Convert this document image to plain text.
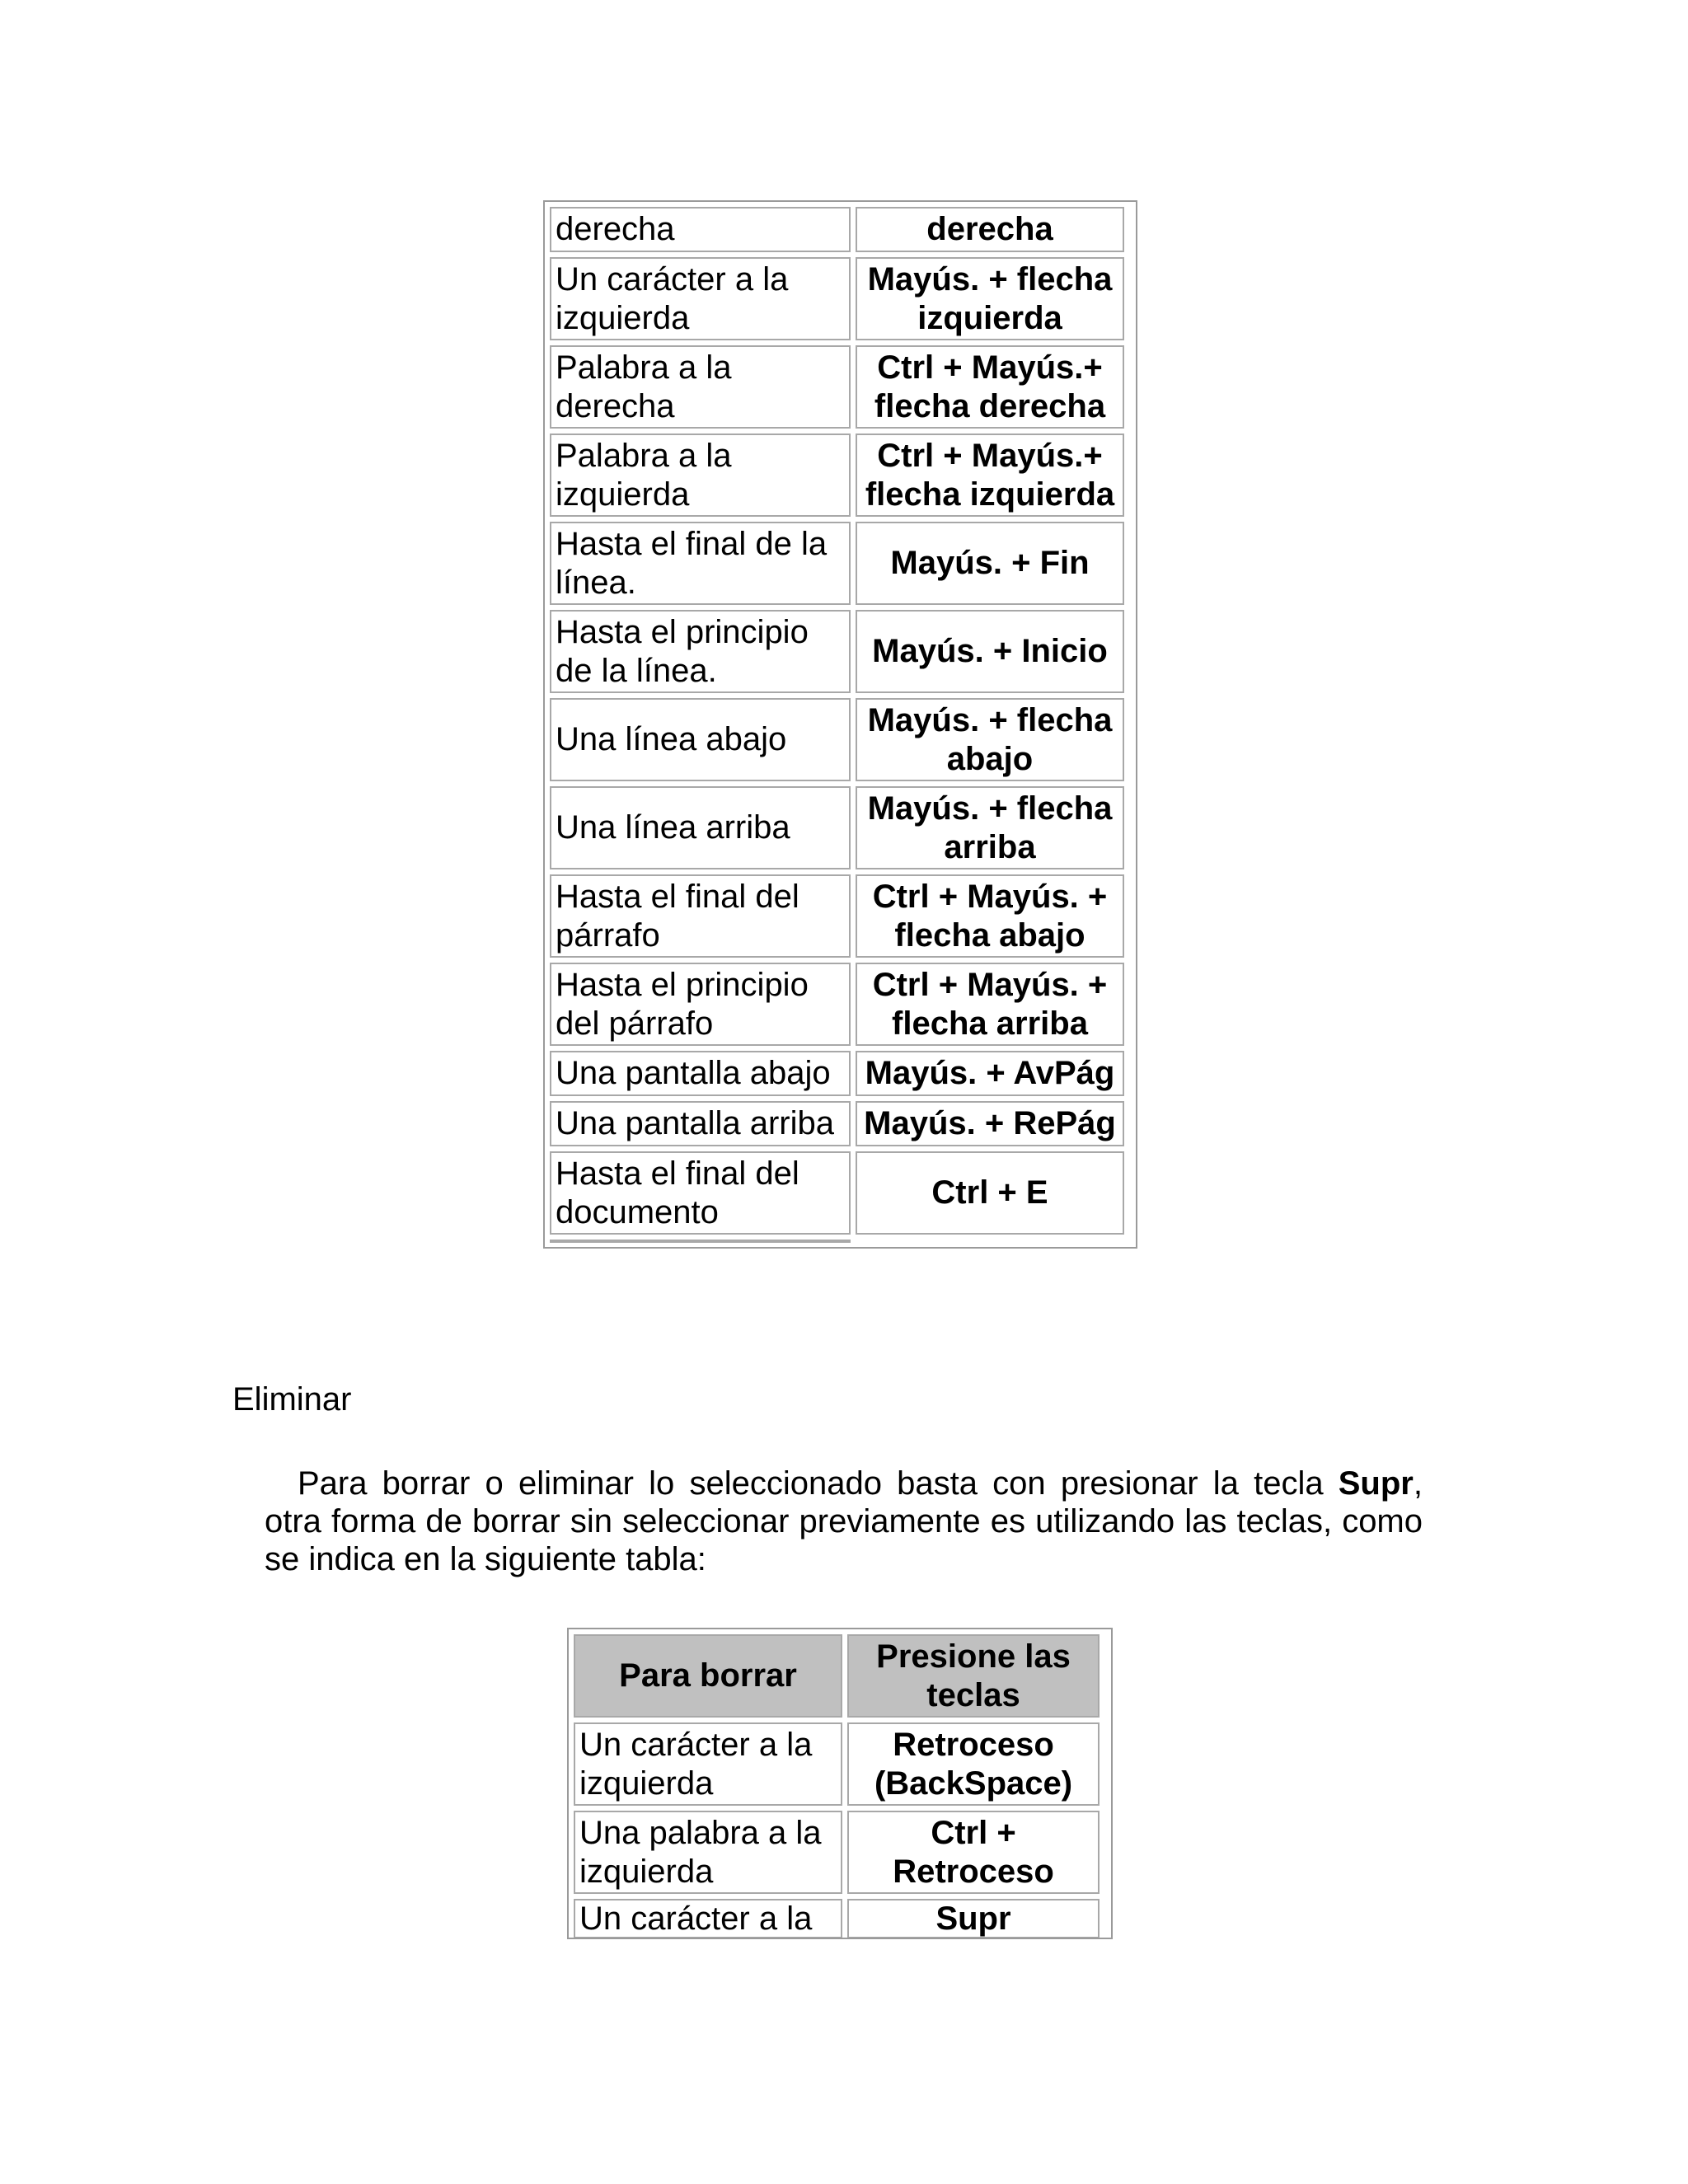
derecha	derecha
Un carácter a la izquierda	Mayús. + flecha izquierda
Palabra a la derecha	Ctrl + Mayús.+ flecha derecha
Palabra a la izquierda	Ctrl + Mayús.+ flecha izquierda
Hasta el final de la línea.	Mayús. + Fin
Hasta el principio de la línea.	Mayús. + Inicio
Una línea abajo	Mayús. + flecha abajo
Una línea arriba	Mayús. + flecha arriba
Hasta el final del párrafo	Ctrl + Mayús. + flecha abajo
Hasta el principio del párrafo	Ctrl + Mayús. + flecha arriba
Una pantalla abajo	Mayús. + AvPág
Una pantalla arriba	Mayús. + RePág
Hasta el final del documento	Ctrl + E

Eliminar

Para borrar o eliminar lo seleccionado basta con presionar la tecla Supr, otra forma de borrar sin seleccionar previamente es utilizando las teclas, como se indica en la siguiente tabla:

Para borrar	Presione las teclas
Un carácter a la izquierda	Retroceso (BackSpace)
Una palabra a la izquierda	Ctrl + Retroceso
Un carácter a la	Supr
